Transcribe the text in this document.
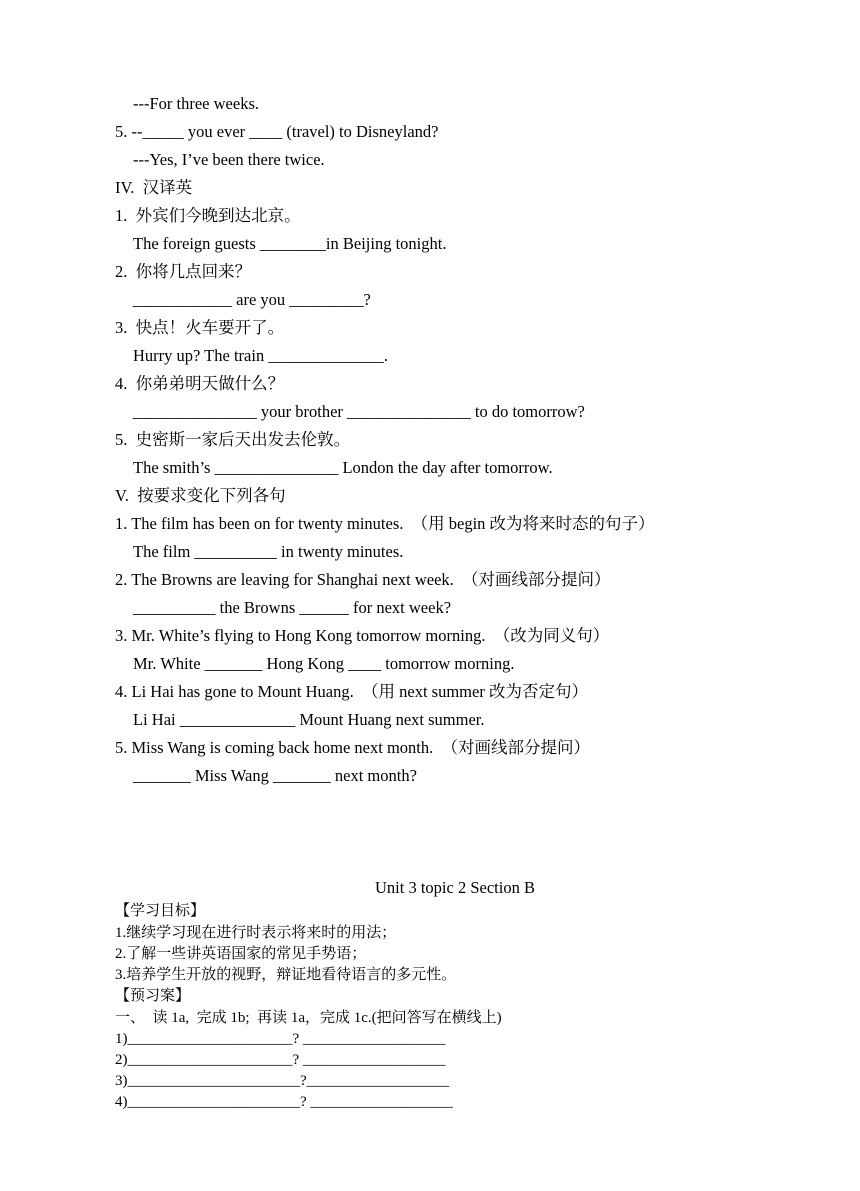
---For three weeks.
5. --_____ you ever ____ (travel) to Disneyland?
---Yes, I’ve been there twice.
IV.  汉译英
1.  外宾们今晚到达北京。
The foreign guests ________in Beijing tonight.
2.  你将几点回来？
____________ are you _________?
3.  快点！火车要开了。
Hurry up? The train ______________.
4.  你弟弟明天做什么？
_______________ your brother _______________ to do tomorrow?
5.  史密斯一家后天出发去伦敦。
The smith’s _______________ London the day after tomorrow.
V.  按要求变化下列各句
1. The film has been on for twenty minutes.  （用 begin 改为将来时态的句子）
The film __________ in twenty minutes.
2. The Browns are leaving for Shanghai next week.  （对画线部分提问）
__________ the Browns ______ for next week?
3. Mr. White’s flying to Hong Kong tomorrow morning.  （改为同义句）
Mr. White _______ Hong Kong ____ tomorrow morning.
4. Li Hai has gone to Mount Huang.  （用 next summer 改为否定句）
Li Hai ______________ Mount Huang next summer.
5. Miss Wang is coming back home next month.  （对画线部分提问）
_______ Miss Wang _______ next month?
Unit 3 topic 2 Section B
【学习目标】
1.继续学习现在进行时表示将来时的用法；
2.了解一些讲英语国家的常见手势语；
3.培养学生开放的视野，辩证地看待语言的多元性。
【预习案】
一、  读 1a,  完成 1b;  再读 1a，完成 1c.(把问答写在横线上)
1)______________________? ___________________
2)______________________? ___________________
3)_______________________?___________________
4)_______________________? ___________________
